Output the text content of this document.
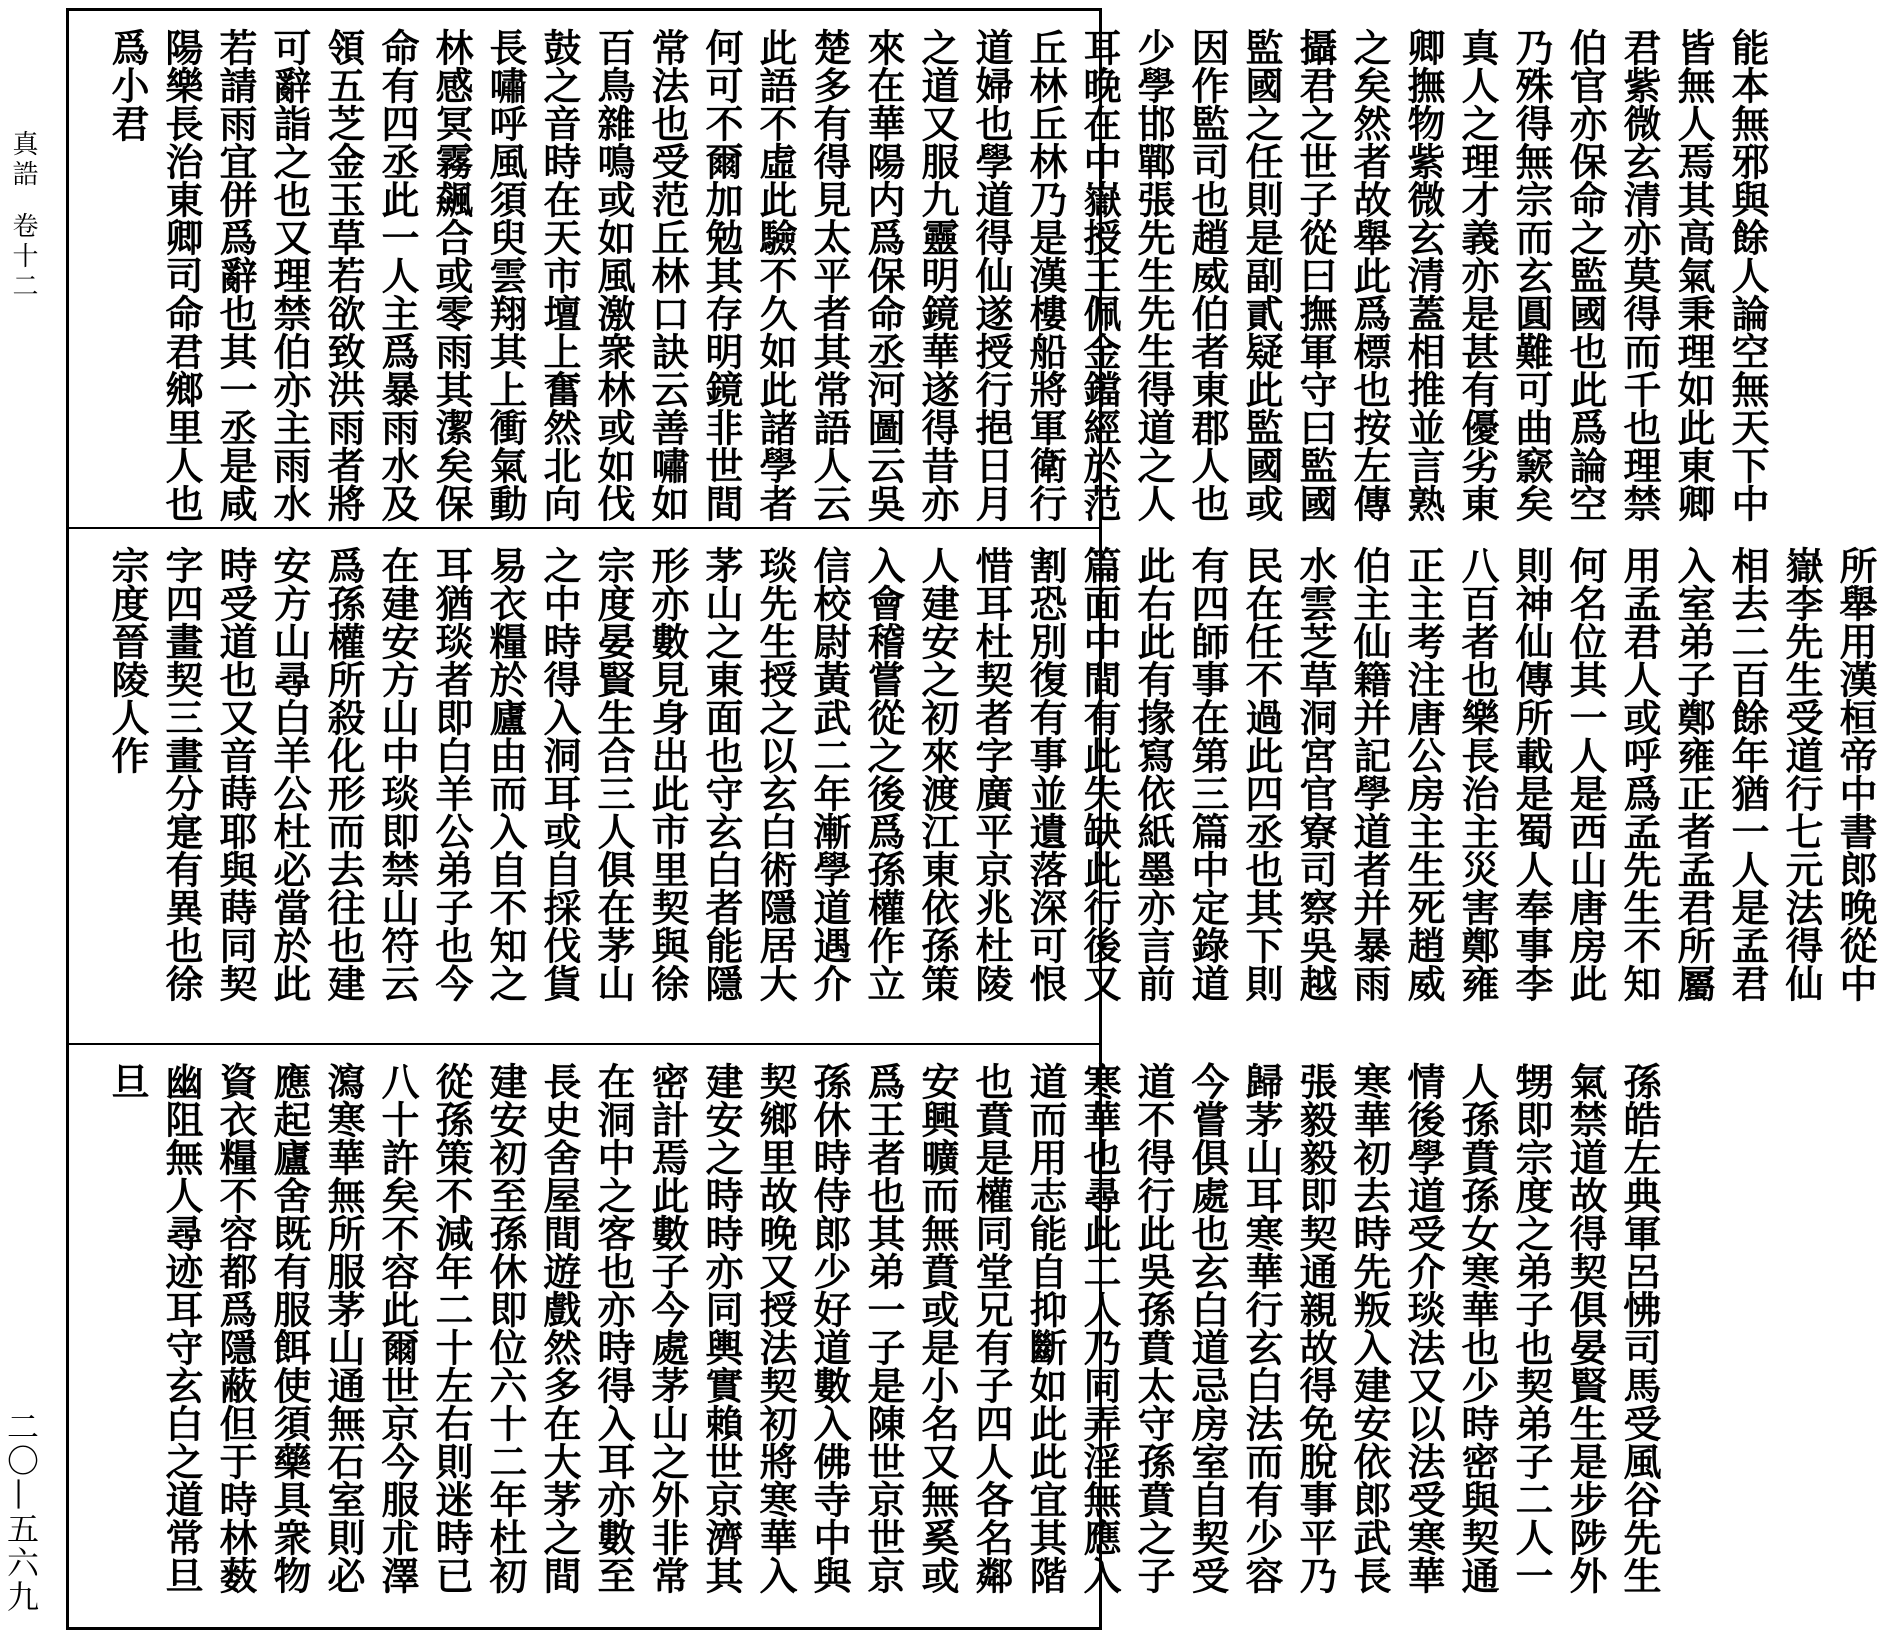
真誥卷十二
二〇—五六九
能本無邪與餘人論空無天下中皆無人焉其高氣秉理如此東卿君紫微玄清亦莫得而千也理禁伯官亦保命之監國也此爲論空乃殊得無宗而玄圓難可曲窾矣真人之理才義亦是甚有優劣東卿撫物紫微玄清蓋相推並言熟之矣然者故舉此爲標也按左傳攝君之世子從曰撫軍守曰監國監國之任則是副貳疑此監國或因作監司也趙威伯者東郡人也少學邯鄲張先生先生得道之人耳晚在中嶽授王佩金鐺經於范丘林丘林乃是漢樓船將軍衛行道婦也學道得仙遂授行挹日月之道又服九靈明鏡華遂得昔亦來在華陽内爲保命丞河圖云吳楚多有得見太平者其常語人云此語不虛此驗不久如此諸學者何可不爾加勉其存明鏡非世間常法也受范丘林口訣云善嘯如百鳥雜鳴或如風激衆林或如伐鼓之音時在天市壇上奮然北向長嘯呼風須臾雲翔其上衝氣動林感冥霧飆合或零雨其潔矣保命有四丞此一人主爲暴雨水及領五芝金玉草若欲致洪雨者將可辭詣之也又理禁伯亦主雨水若請雨宜併爲辭也其一丞是咸陽樂長治東卿司命君鄉里人也爲小君
所舉用漢桓帝中書郎晚從中嶽李先生受道行七元法得仙相去二百餘年猶一人是孟君入室弟子鄭雍正者孟君所屬用孟君人或呼爲孟先生不知何名位其一人是西山唐房此則神仙傳所載是蜀人奉事李八百者也樂長治主災害鄭雍正主考注唐公房主生死趙威伯主仙籍并記學道者并暴雨水雲芝草洞宮官寮司察吳越民在任不過此四丞也其下則有四師事在第三篇中定錄道此右此有掾寫依紙墨亦言前篇面中間有此失缺此行後又割恐別復有事並遺落深可恨惜耳杜契者字廣平京兆杜陵人建安之初來渡江東依孫策入會稽嘗從之後爲孫權作立信校尉黃武二年漸學道遇介琰先生授之以玄白術隱居大茅山之東面也守玄白者能隱形亦數見身出此市里契與徐宗度晏賢生合三人俱在茅山之中時得入洞耳或自採伐貨易衣糧於廬由而入自不知之耳猶琰者即白羊公弟子也今在建安方山中琰即禁山符云爲孫權所殺化形而去往也建安方山尋白羊公杜必當於此時受道也又音蒔耶與蒔同契字四畫契三畫分寔有異也徐宗度晉陵人作
孫皓左典軍呂怫司馬受風谷先生氣禁道故得契俱晏賢生是步陟外甥即宗度之弟子也契弟子二人一人孫賁孫女寒華也少時密與契通情後學道受介琰法又以法受寒華寒華初去時先叛入建安依郎武長張毅毅即契通親故得免脫事平乃歸茅山耳寒華行玄白法而有少容今嘗俱處也玄白道忌房室自契受道不得行此吳孫賁太守孫賁之子寒華也尋此二人乃同弄淫無應入道而用志能自抑斷如此此宜其階也賁是權同堂兄有子四人各名鄰安興曠而無賁或是小名又無奚或爲王者也其弟一子是陳世京世京孫休時侍郎少好道數入佛寺中與契鄉里故晚又授法契初將寒華入建安之時時亦同輿實賴世京濟其密計焉此數子今處茅山之外非常在洞中之客也亦時得入耳亦數至長史舍屋間遊戲然多在大茅之間建安初至孫休即位六十二年杜初從孫策不減年二十左右則迷時已八十許矣不容此爾世京今服朮澤瀉寒華無所服茅山通無石室則必應起廬舍既有服餌使須藥具衆物資衣糧不容都爲隱蔽但于時林薮幽阻無人尋迹耳守玄白之道常旦旦
